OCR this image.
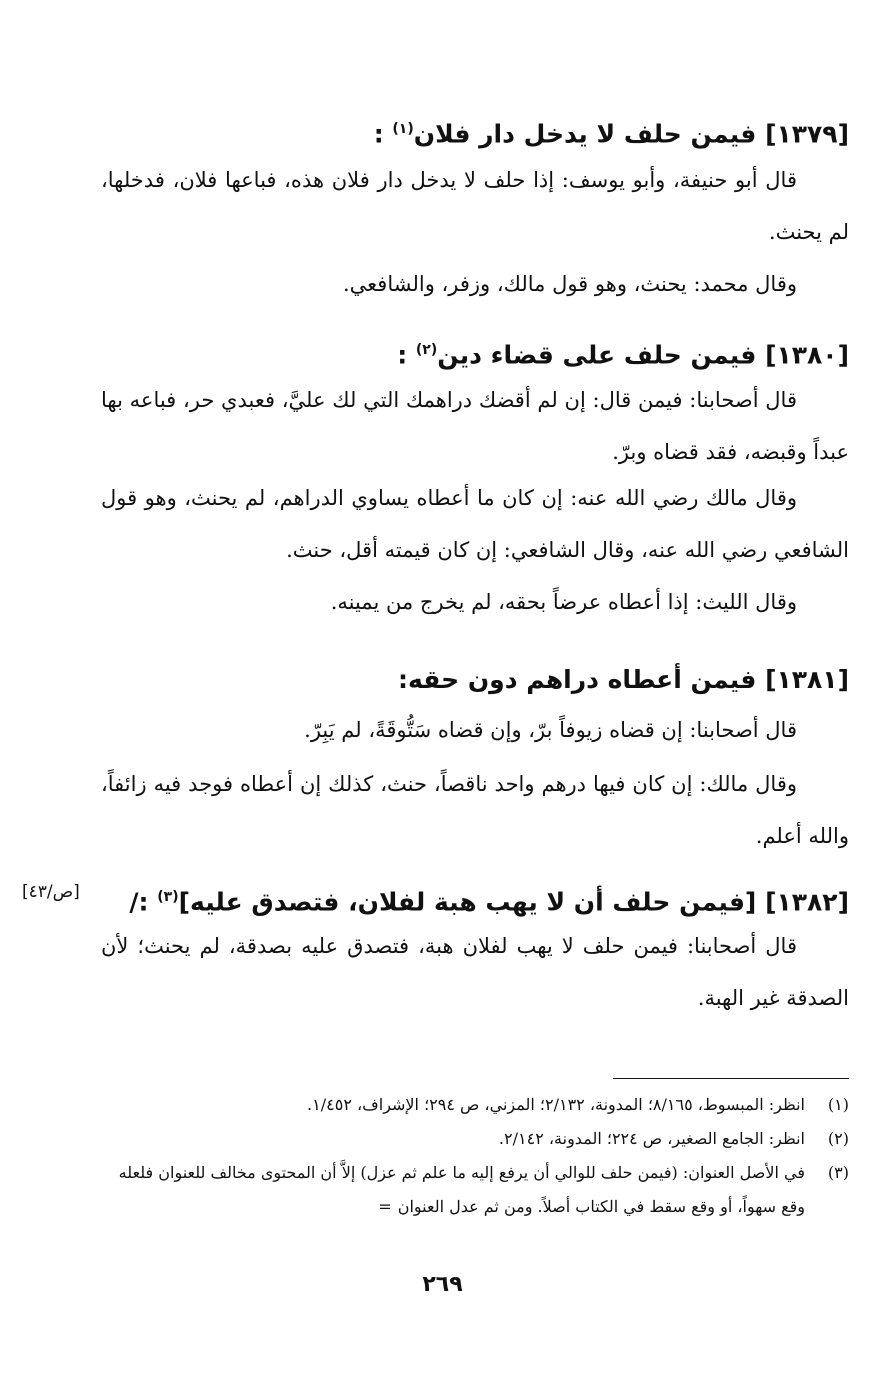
[١٣٧٩] فيمن حلف لا يدخل دار فلان$^{(١)}$ :
قال أبو حنيفة، وأبو يوسف: إذا حلف لا يدخل دار فلان هذه، فباعها فلان، فدخلها، لم يحنث.
وقال محمد: يحنث، وهو قول مالك، وزفر، والشافعي.
[١٣٨٠] فيمن حلف على قضاء دين$^{(٢)}$ :
قال أصحابنا: فيمن قال: إن لم أقضك دراهمك التي لك عليَّ، فعبدي حر، فباعه بها عبداً وقبضه، فقد قضاه وبرّ.
وقال مالك رضي الله عنه: إن كان ما أعطاه يساوي الدراهم، لم يحنث، وهو قول الشافعي رضي الله عنه، وقال الشافعي: إن كان قيمته أقل، حنث.
وقال الليث: إذا أعطاه عرضاً بحقه، لم يخرج من يمينه.
[١٣٨١] فيمن أعطاه دراهم دون حقه:
قال أصحابنا: إن قضاه زيوفاً برّ، وإن قضاه سَتُّوقَةً، لم يَبِرّ.
وقال مالك: إن كان فيها درهم واحد ناقصاً، حنث، كذلك إن أعطاه فوجد فيه زائفاً، والله أعلم.
[١٣٨٢] [فيمن حلف أن لا يهب هبة لفلان، فتصدق عليه]$^{(٣)}$ :/
[ص/٤٣]
قال أصحابنا: فيمن حلف لا يهب لفلان هبة، فتصدق عليه بصدقة، لم يحنث؛ لأن الصدقة غير الهبة.
(١)
انظر: المبسوط، ٨/١٦٥؛ المدونة، ٢/١٣٢؛ المزني، ص ٢٩٤؛ الإشراف، ١/٤٥٢.
(٢)
انظر: الجامع الصغير، ص ٢٢٤؛ المدونة، ٢/١٤٢.
(٣)
في الأصل العنوان: (فيمن حلف للوالي أن يرفع إليه ما علم ثم عزل) إلاَّ أن المحتوى مخالف للعنوان فلعله وقع سهواً، أو وقع سقط في الكتاب أصلاً. ومن ثم عدل العنوان=
٢٦٩
